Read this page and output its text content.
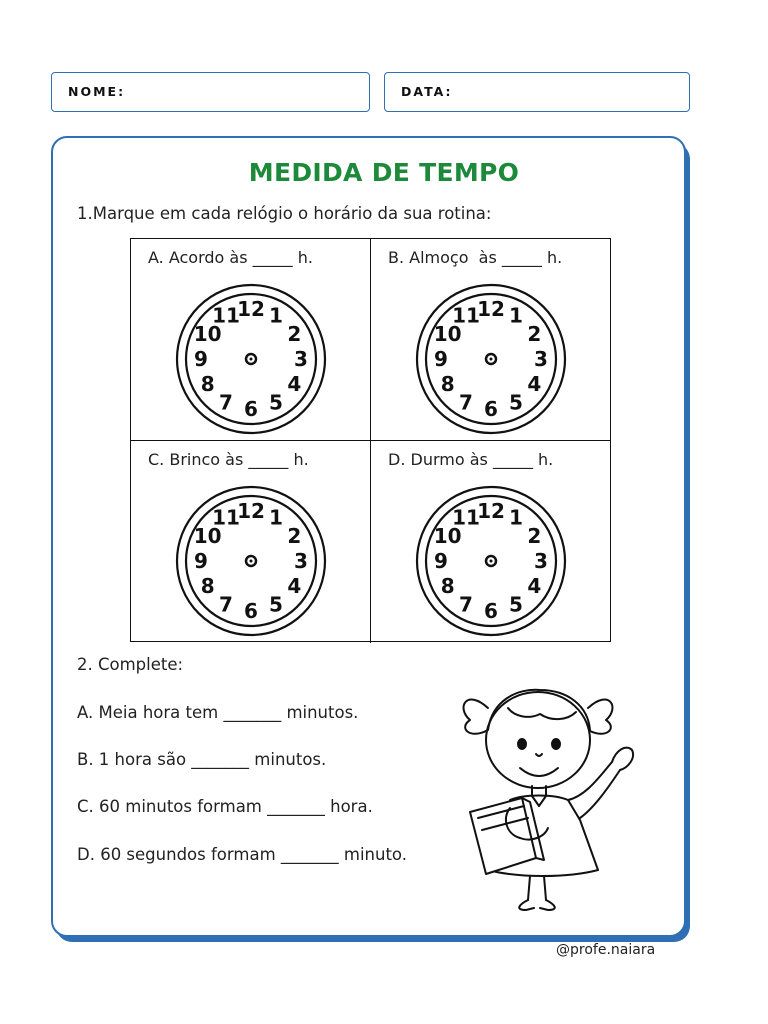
NOME:	DATA:
MEDIDA DE TEMPO
1.Marque em cada relógio o horário da sua rotina:
A. Acordo às _____ h.
12 1
2
3
4
5
6
7
8
9
10
11
B. Almoço  às _____ h.
12 1
2
3
4
5
6
7
8
9
10
11
C. Brinco às _____ h.
12 1
2
3
4
5
6
7
8
9
10
11
D. Durmo às _____ h.
12 1
2
3
4
5
6
7
8
9
10
11
2. Complete:
A. Meia hora tem _______ minutos.
B. 1 hora são _______ minutos.
C. 60 minutos formam _______ hora.
D. 60 segundos formam _______ minuto.
@profe.naiara
